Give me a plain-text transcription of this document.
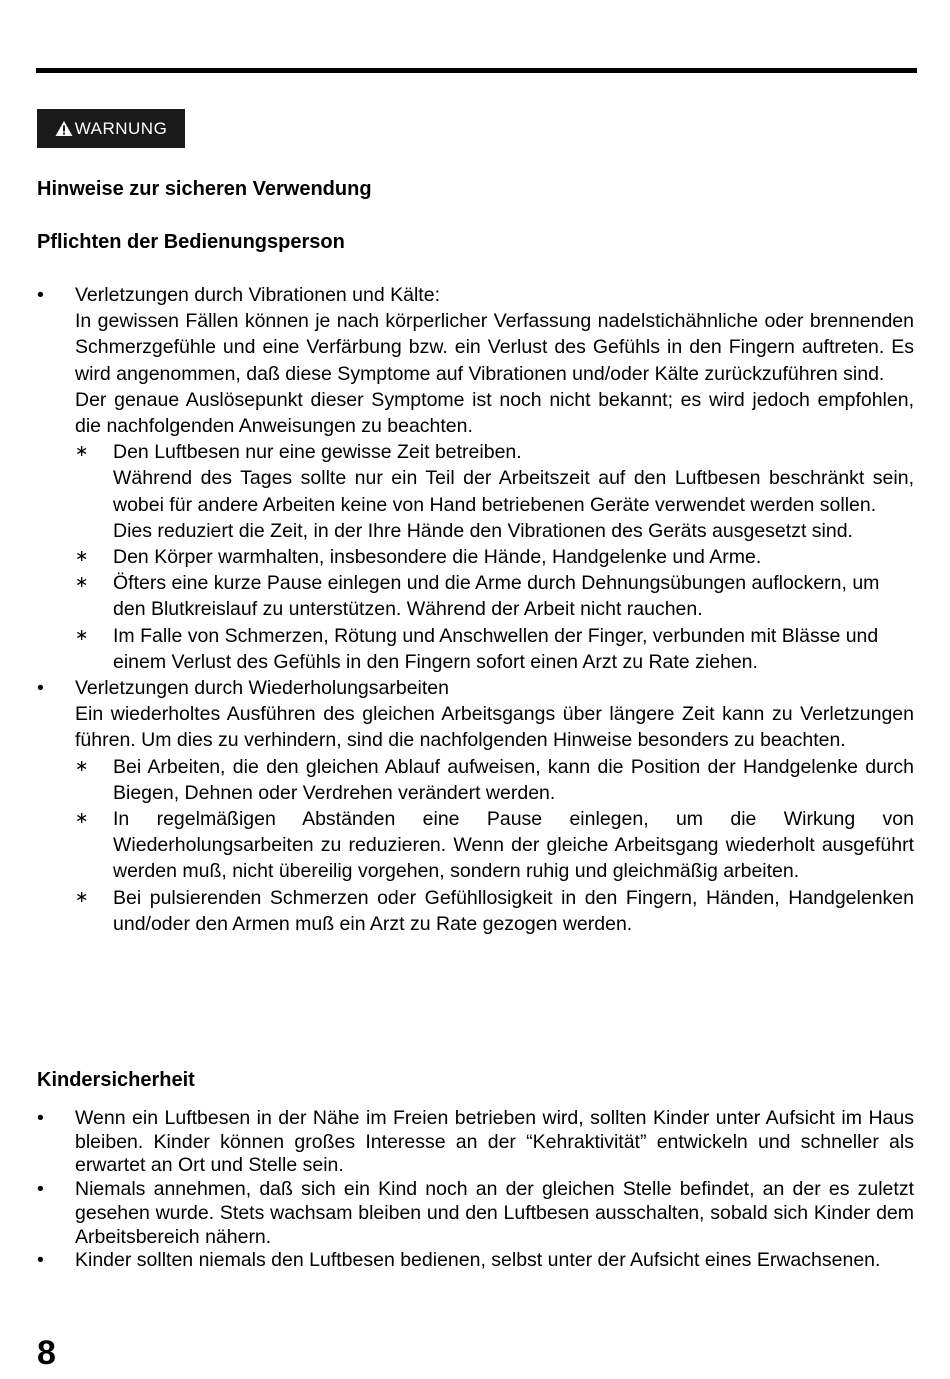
WARNUNG
Hinweise zur sicheren Verwendung
Pflichten der Bedienungsperson
• Verletzungen durch Vibrationen und Kälte:
In gewissen Fällen können je nach körperlicher Verfassung nadelstichähnliche oder brennenden Schmerzgefühle und eine Verfärbung bzw. ein Verlust des Gefühls in den Fingern auftreten. Es wird angenommen, daß diese Symptome auf Vibrationen und/oder Kälte zurückzuführen sind.
Der genaue Auslösepunkt dieser Symptome ist noch nicht bekannt; es wird jedoch empfohlen, die nachfolgenden Anweisungen zu beachten.
∗ Den Luftbesen nur eine gewisse Zeit betreiben.
Während des Tages sollte nur ein Teil der Arbeitszeit auf den Luftbesen beschränkt sein, wobei für andere Arbeiten keine von Hand betriebenen Geräte verwendet werden sollen.
Dies reduziert die Zeit, in der Ihre Hände den Vibrationen des Geräts ausgesetzt sind.
∗ Den Körper warmhalten, insbesondere die Hände, Handgelenke und Arme.
∗ Öfters eine kurze Pause einlegen und die Arme durch Dehnungsübungen auflockern, um den Blutkreislauf zu unterstützen. Während der Arbeit nicht rauchen.
∗ Im Falle von Schmerzen, Rötung und Anschwellen der Finger, verbunden mit Blässe und einem Verlust des Gefühls in den Fingern sofort einen Arzt zu Rate ziehen.
• Verletzungen durch Wiederholungsarbeiten
Ein wiederholtes Ausführen des gleichen Arbeitsgangs über längere Zeit kann zu Verletzungen führen. Um dies zu verhindern, sind die nachfolgenden Hinweise besonders zu beachten.
∗ Bei Arbeiten, die den gleichen Ablauf aufweisen, kann die Position der Handgelenke durch Biegen, Dehnen oder Verdrehen verändert werden.
∗ In regelmäßigen Abständen eine Pause einlegen, um die Wirkung von Wiederholungsarbeiten zu reduzieren. Wenn der gleiche Arbeitsgang wiederholt ausgeführt werden muß, nicht übereilig vorgehen, sondern ruhig und gleichmäßig arbeiten.
∗ Bei pulsierenden Schmerzen oder Gefühllosigkeit in den Fingern, Händen, Handgelenken und/oder den Armen muß ein Arzt zu Rate gezogen werden.
Kindersicherheit
• Wenn ein Luftbesen in der Nähe im Freien betrieben wird, sollten Kinder unter Aufsicht im Haus bleiben. Kinder können großes Interesse an der “Kehraktivität” entwickeln und schneller als erwartet an Ort und Stelle sein.
• Niemals annehmen, daß sich ein Kind noch an der gleichen Stelle befindet, an der es zuletzt gesehen wurde. Stets wachsam bleiben und den Luftbesen ausschalten, sobald sich Kinder dem Arbeitsbereich nähern.
• Kinder sollten niemals den Luftbesen bedienen, selbst unter der Aufsicht eines Erwachsenen.
8
